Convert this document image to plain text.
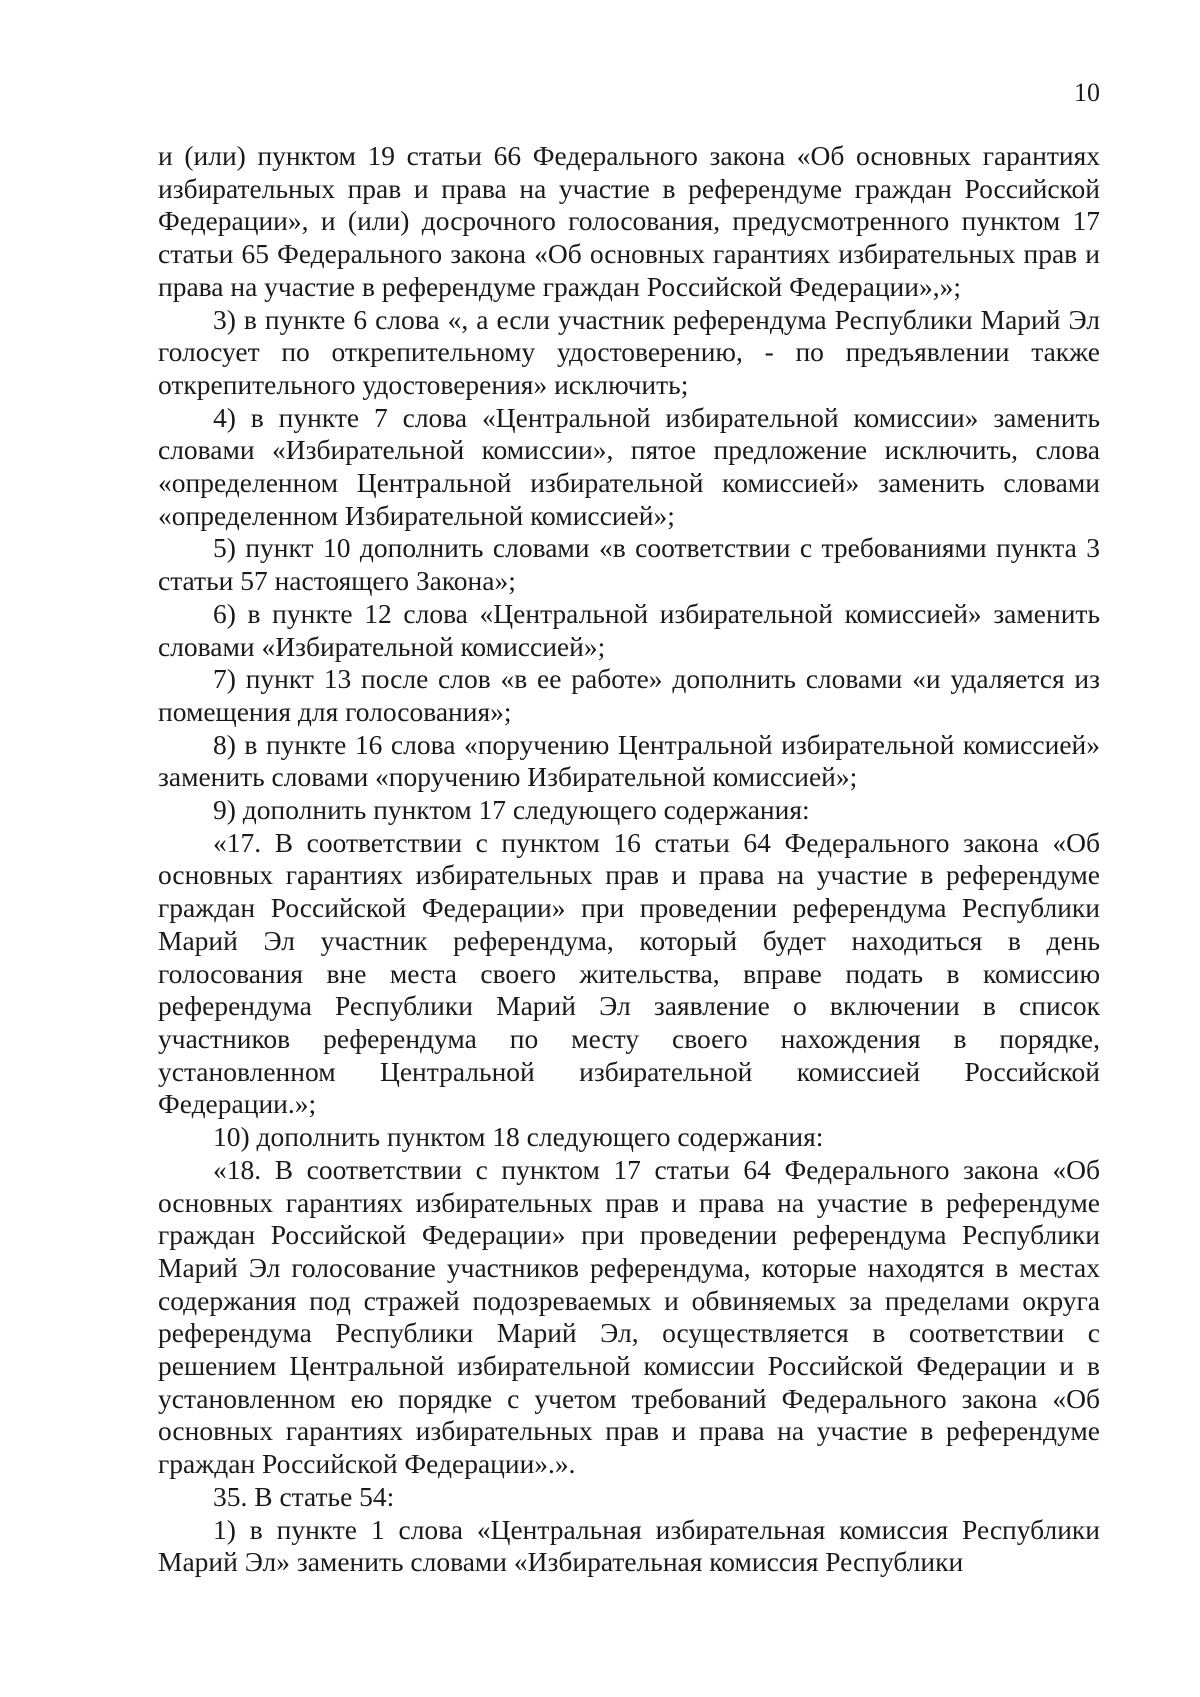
10

и (или) пунктом 19 статьи 66 Федерального закона «Об основных гарантиях избирательных прав и права на участие в референдуме граждан Российской Федерации», и (или) досрочного голосования, предусмотренного пунктом 17 статьи 65 Федерального закона «Об основных гарантиях избирательных прав и права на участие в референдуме граждан Российской Федерации»,»;

3) в пункте 6 слова «, а если участник референдума Республики Марий Эл голосует по открепительному удостоверению, - по предъявлении также открепительного удостоверения» исключить;

4) в пункте 7 слова «Центральной избирательной комиссии» заменить словами «Избирательной комиссии», пятое предложение исключить, слова «определенном Центральной избирательной комиссией» заменить словами «определенном Избирательной комиссией»;

5) пункт 10 дополнить словами «в соответствии с требованиями пункта 3 статьи 57 настоящего Закона»;

6) в пункте 12 слова «Центральной избирательной комиссией» заменить словами «Избирательной комиссией»;

7) пункт 13 после слов «в ее работе» дополнить словами «и удаляется из помещения для голосования»;

8) в пункте 16 слова «поручению Центральной избирательной комиссией» заменить словами «поручению Избирательной комиссией»;

9) дополнить пунктом 17 следующего содержания:

«17. В соответствии с пунктом 16 статьи 64 Федерального закона «Об основных гарантиях избирательных прав и права на участие в референдуме граждан Российской Федерации» при проведении референдума Республики Марий Эл участник референдума, который будет находиться в день голосования вне места своего жительства, вправе подать в комиссию референдума Республики Марий Эл заявление о включении в список участников референдума по месту своего нахождения в порядке, установленном Центральной избирательной комиссией Российской Федерации.»;

10) дополнить пунктом 18 следующего содержания:

«18. В соответствии с пунктом 17 статьи 64 Федерального закона «Об основных гарантиях избирательных прав и права на участие в референдуме граждан Российской Федерации» при проведении референдума Республики Марий Эл голосование участников референдума, которые находятся в местах содержания под стражей подозреваемых и обвиняемых за пределами округа референдума Республики Марий Эл, осуществляется в соответствии с решением Центральной избирательной комиссии Российской Федерации и в установленном ею порядке с учетом требований Федерального закона «Об основных гарантиях избирательных прав и права на участие в референдуме граждан Российской Федерации».».

35. В статье 54:

1) в пункте 1 слова «Центральная избирательная комиссия Республики Марий Эл» заменить словами «Избирательная комиссия Республики
